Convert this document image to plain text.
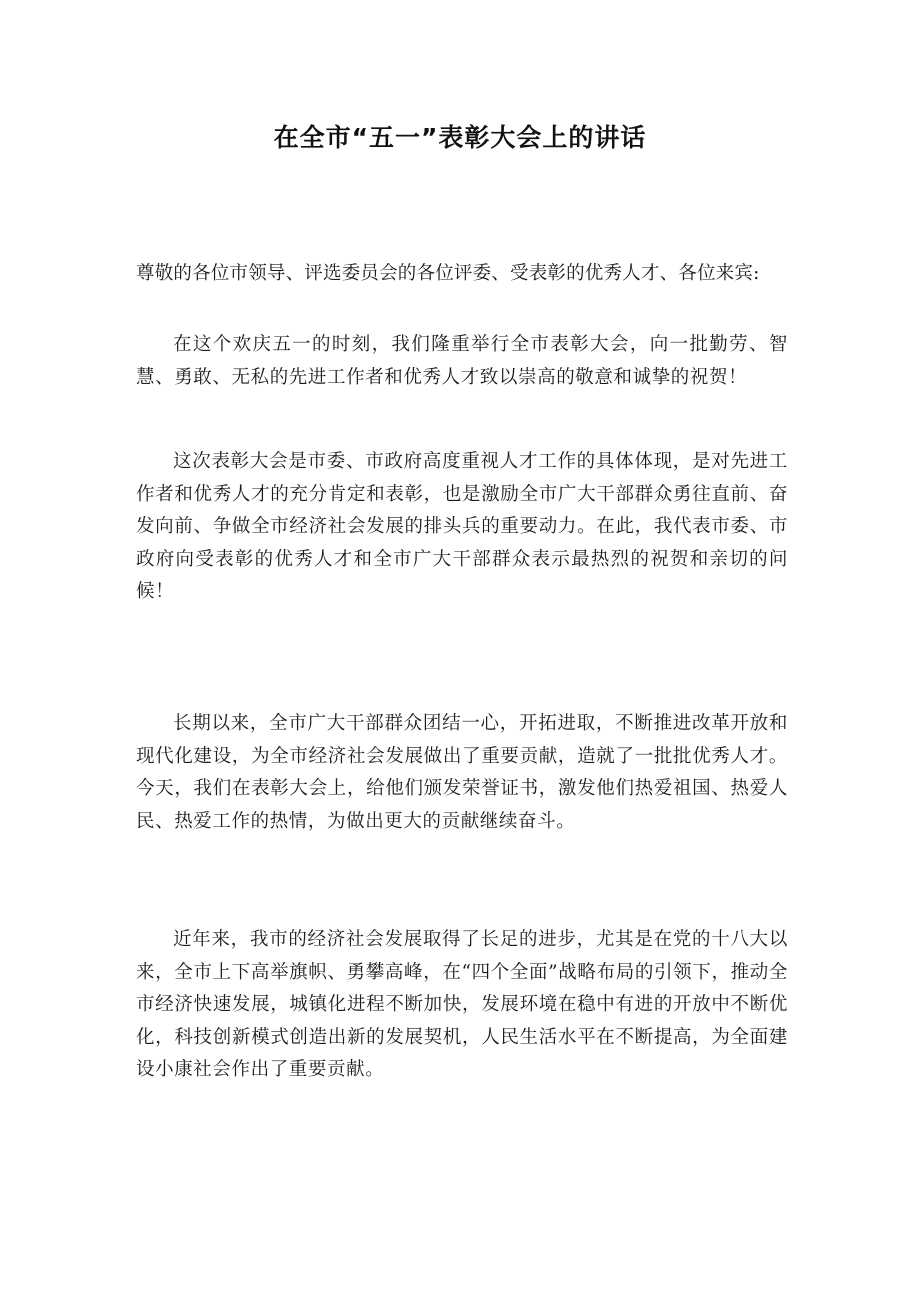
在全市“五一”表彰大会上的讲话
尊敬的各位市领导、评选委员会的各位评委、受表彰的优秀人才、各位来宾:

在这个欢庆五一的时刻，我们隆重举行全市表彰大会，向一批勤劳、智慧、勇敢、无私的先进工作者和优秀人才致以崇高的敬意和诚挚的祝贺！

这次表彰大会是市委、市政府高度重视人才工作的具体体现，是对先进工作者和优秀人才的充分肯定和表彰，也是激励全市广大干部群众勇往直前、奋发向前、争做全市经济社会发展的排头兵的重要动力。在此，我代表市委、市政府向受表彰的优秀人才和全市广大干部群众表示最热烈的祝贺和亲切的问候！

长期以来，全市广大干部群众团结一心，开拓进取，不断推进改革开放和现代化建设，为全市经济社会发展做出了重要贡献，造就了一批批优秀人才。今天，我们在表彰大会上，给他们颁发荣誉证书，激发他们热爱祖国、热爱人民、热爱工作的热情，为做出更大的贡献继续奋斗。

近年来，我市的经济社会发展取得了长足的进步，尤其是在党的十八大以来，全市上下高举旗帜、勇攀高峰，在“四个全面”战略布局的引领下，推动全市经济快速发展，城镇化进程不断加快，发展环境在稳中有进的开放中不断优化，科技创新模式创造出新的发展契机，人民生活水平在不断提高，为全面建设小康社会作出了重要贡献。
